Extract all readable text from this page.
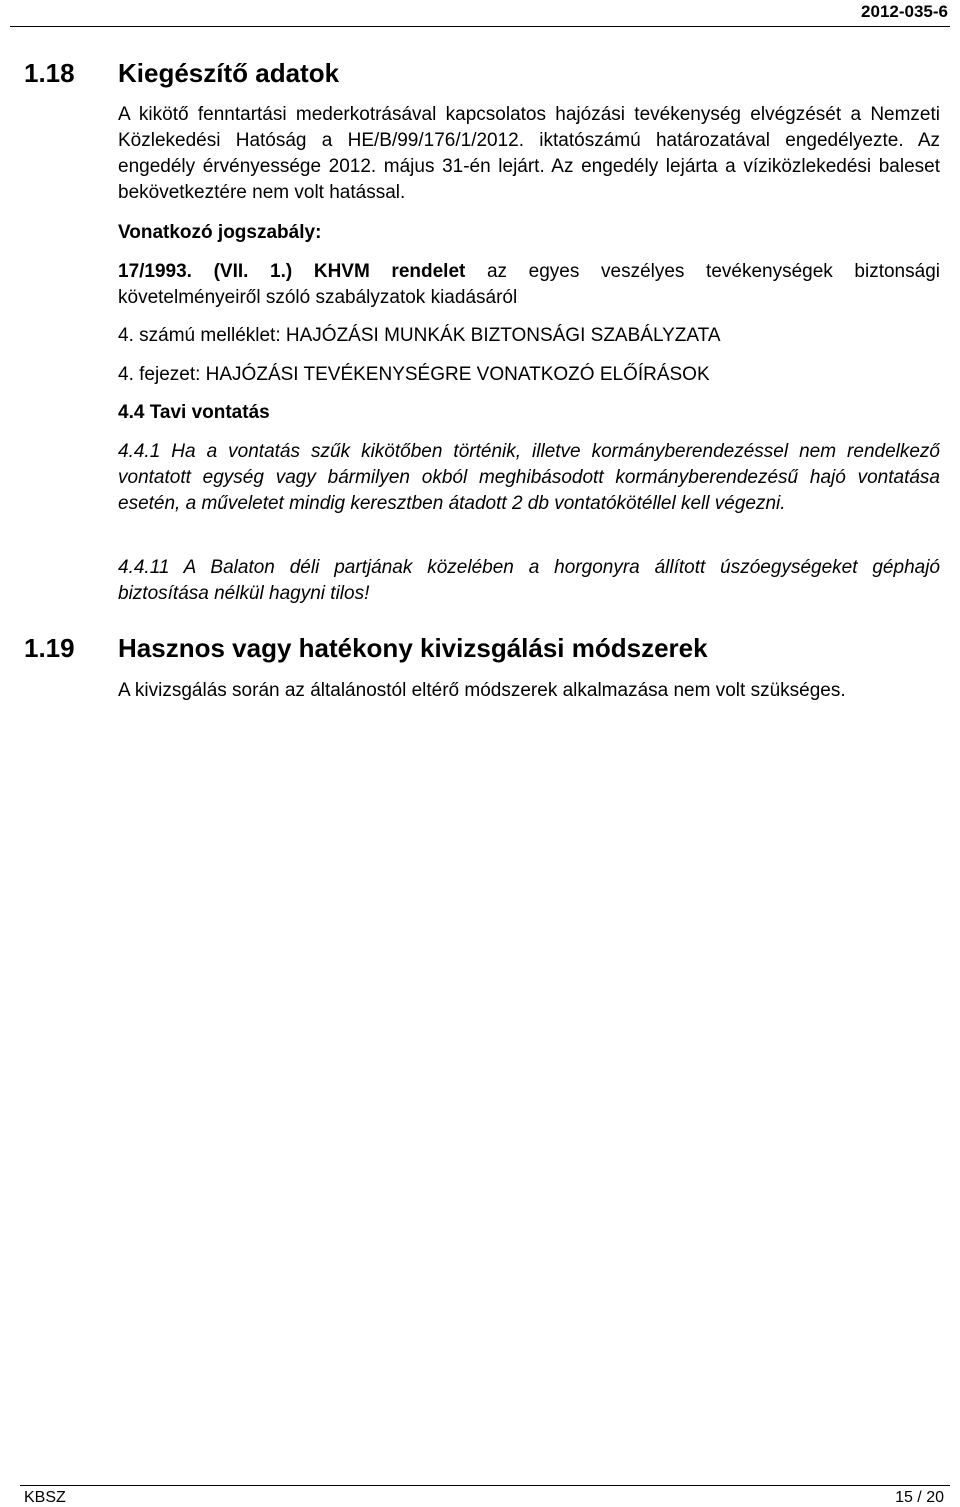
2012-035-6
1.18 Kiegészítő adatok
A kikötő fenntartási mederkotrásával kapcsolatos hajózási tevékenység elvégzését a Nemzeti Közlekedési Hatóság a HE/B/99/176/1/2012. iktatószámú határozatával engedélyezte. Az engedély érvényessége 2012. május 31-én lejárt. Az engedély lejárta a víziközlekedési baleset bekövetkeztére nem volt hatással.
Vonatkozó jogszabály:
17/1993. (VII. 1.) KHVM rendelet az egyes veszélyes tevékenységek biztonsági követelményeiről szóló szabályzatok kiadásáról
4. számú melléklet: HAJÓZÁSI MUNKÁK BIZTONSÁGI SZABÁLYZATA
4. fejezet: HAJÓZÁSI TEVÉKENYSÉGRE VONATKOZÓ ELŐÍRÁSOK
4.4 Tavi vontatás
4.4.1 Ha a vontatás szűk kikötőben történik, illetve kormányberendezéssel nem rendelkező vontatott egység vagy bármilyen okból meghibásodott kormányberendezésű hajó vontatása esetén, a műveletet mindig keresztben átadott 2 db vontatókötéllel kell végezni.
4.4.11 A Balaton déli partjának közelében a horgonyra állított úszóegységeket géphajó biztosítása nélkül hagyni tilos!
1.19 Hasznos vagy hatékony kivizsgálási módszerek
A kivizsgálás során az általánostól eltérő módszerek alkalmazása nem volt szükséges.
KBSZ	15 / 20
